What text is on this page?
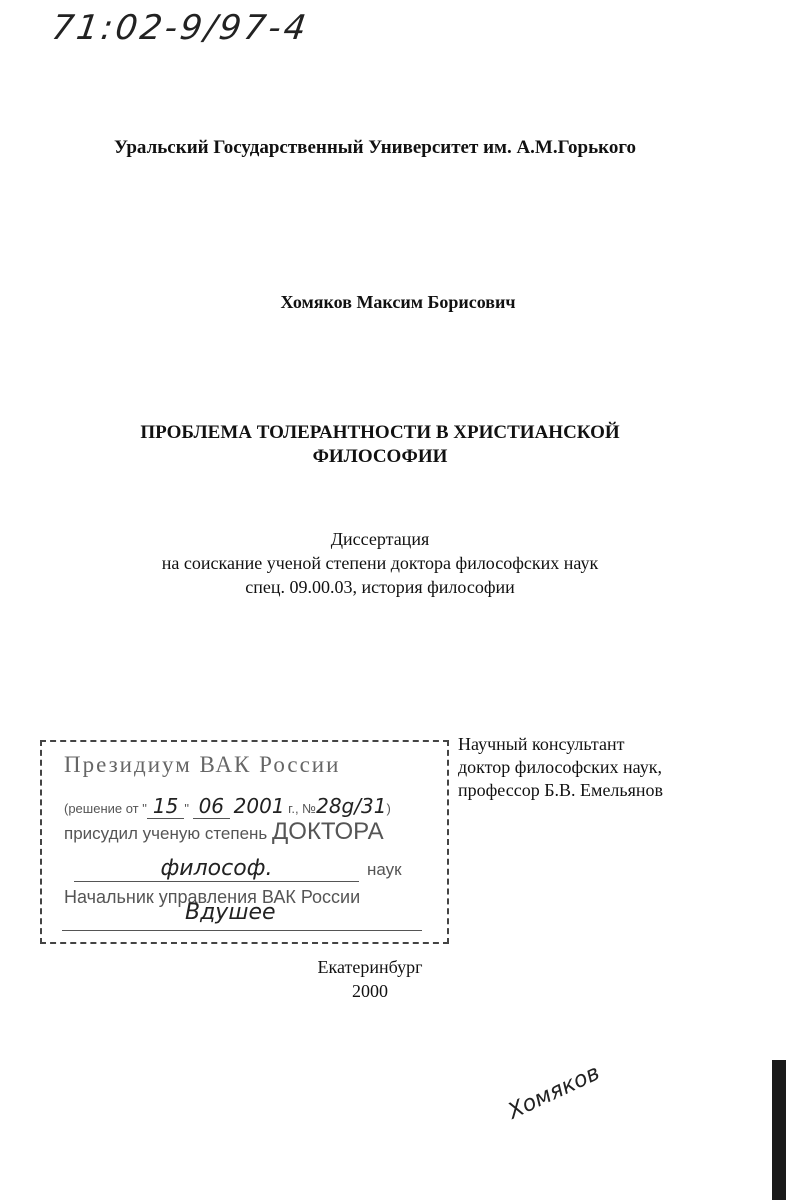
71:02-9/97-4
Уральский Государственный Университет им. А.М.Горького
Хомяков Максим Борисович
ПРОБЛЕМА ТОЛЕРАНТНОСТИ В ХРИСТИАНСКОЙ
ФИЛОСОФИИ
Диссертация
на соискание ученой степени доктора философских наук
спец. 09.00.03, история философии
Научный консультант
доктор философских наук,
профессор Б.В. Емельянов
Президиум ВАК России
(решение от " 15 " 06 2001 г., №28g/31)
присудил ученую степень ДОКТОРА
философ.	наук
Начальник управления ВАК России
Вдушее
Екатеринбург
2000
Хомяков
